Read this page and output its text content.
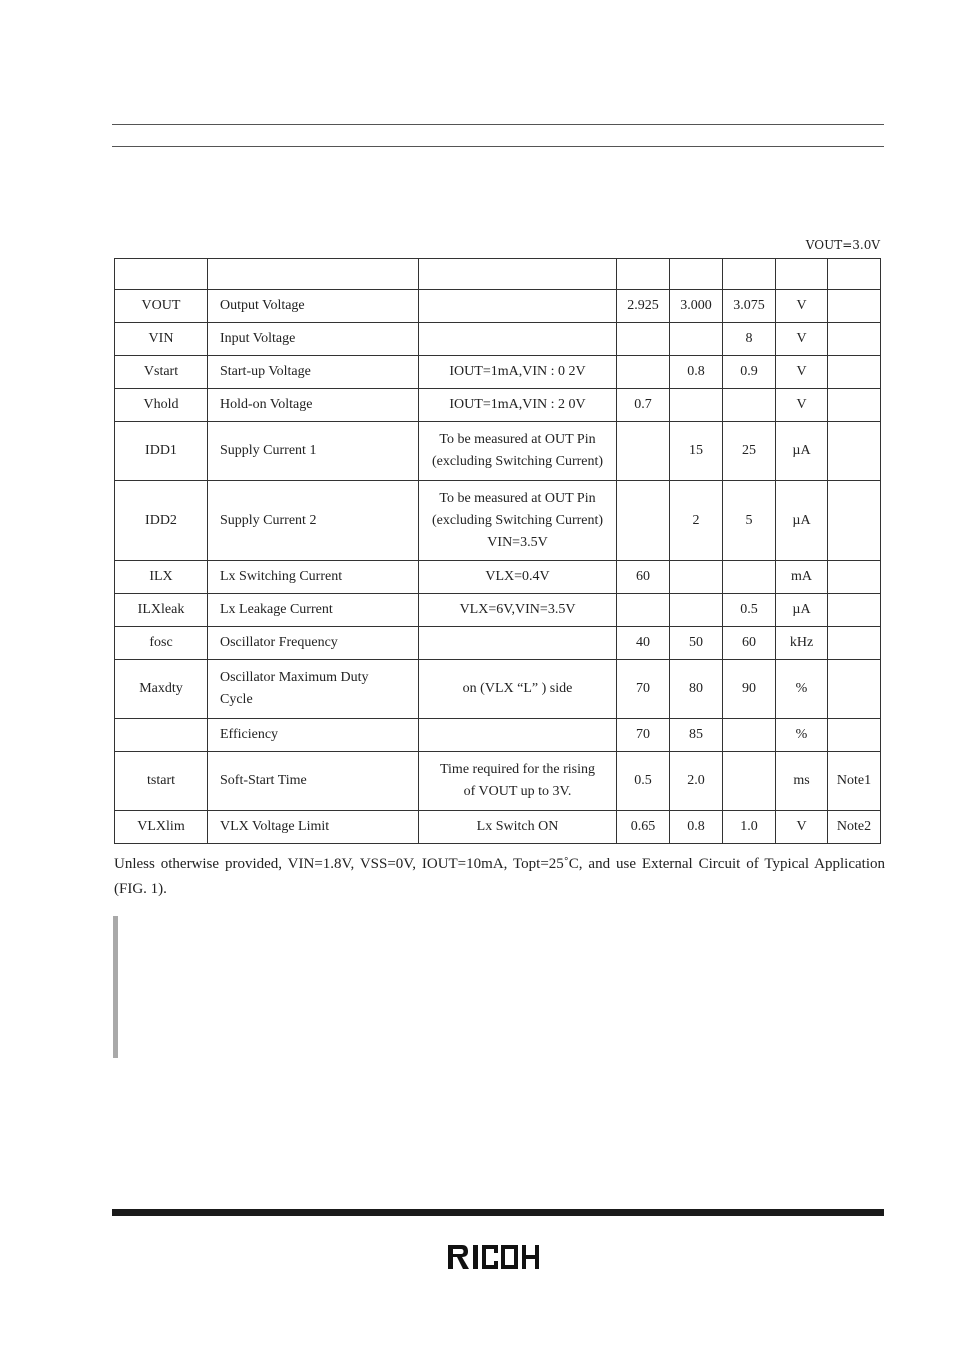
VOUT=3.0V

VOUT	Output Voltage		2.925	3.000	3.075	V	
VIN	Input Voltage				8	V	
Vstart	Start-up Voltage	IOUT=1mA,VIN : 0 2V		0.8	0.9	V	
Vhold	Hold-on Voltage	IOUT=1mA,VIN : 2 0V	0.7			V	
IDD1	Supply Current 1	To be measured at OUT Pin
(excluding Switching Current)		15	25	µA	
IDD2	Supply Current 2	To be measured at OUT Pin
(excluding Switching Current)
VIN=3.5V		2	5	µA	
ILX	Lx Switching Current	VLX=0.4V	60			mA	
ILXleak	Lx Leakage Current	VLX=6V,VIN=3.5V			0.5	µA	
fosc	Oscillator Frequency		40	50	60	kHz	
Maxdty	Oscillator Maximum Duty
Cycle	on (VLX “L” ) side	70	80	90	%	
	Efficiency		70	85		%	
tstart	Soft-Start Time	Time required for the rising
of VOUT up to 3V.	0.5	2.0		ms	Note1
VLXlim	VLX Voltage Limit	Lx Switch ON	0.65	0.8	1.0	V	Note2
Unless otherwise provided, VIN=1.8V, VSS=0V, IOUT=10mA, Topt=25˚C, and use External Circuit of Typical Application (FIG. 1).
